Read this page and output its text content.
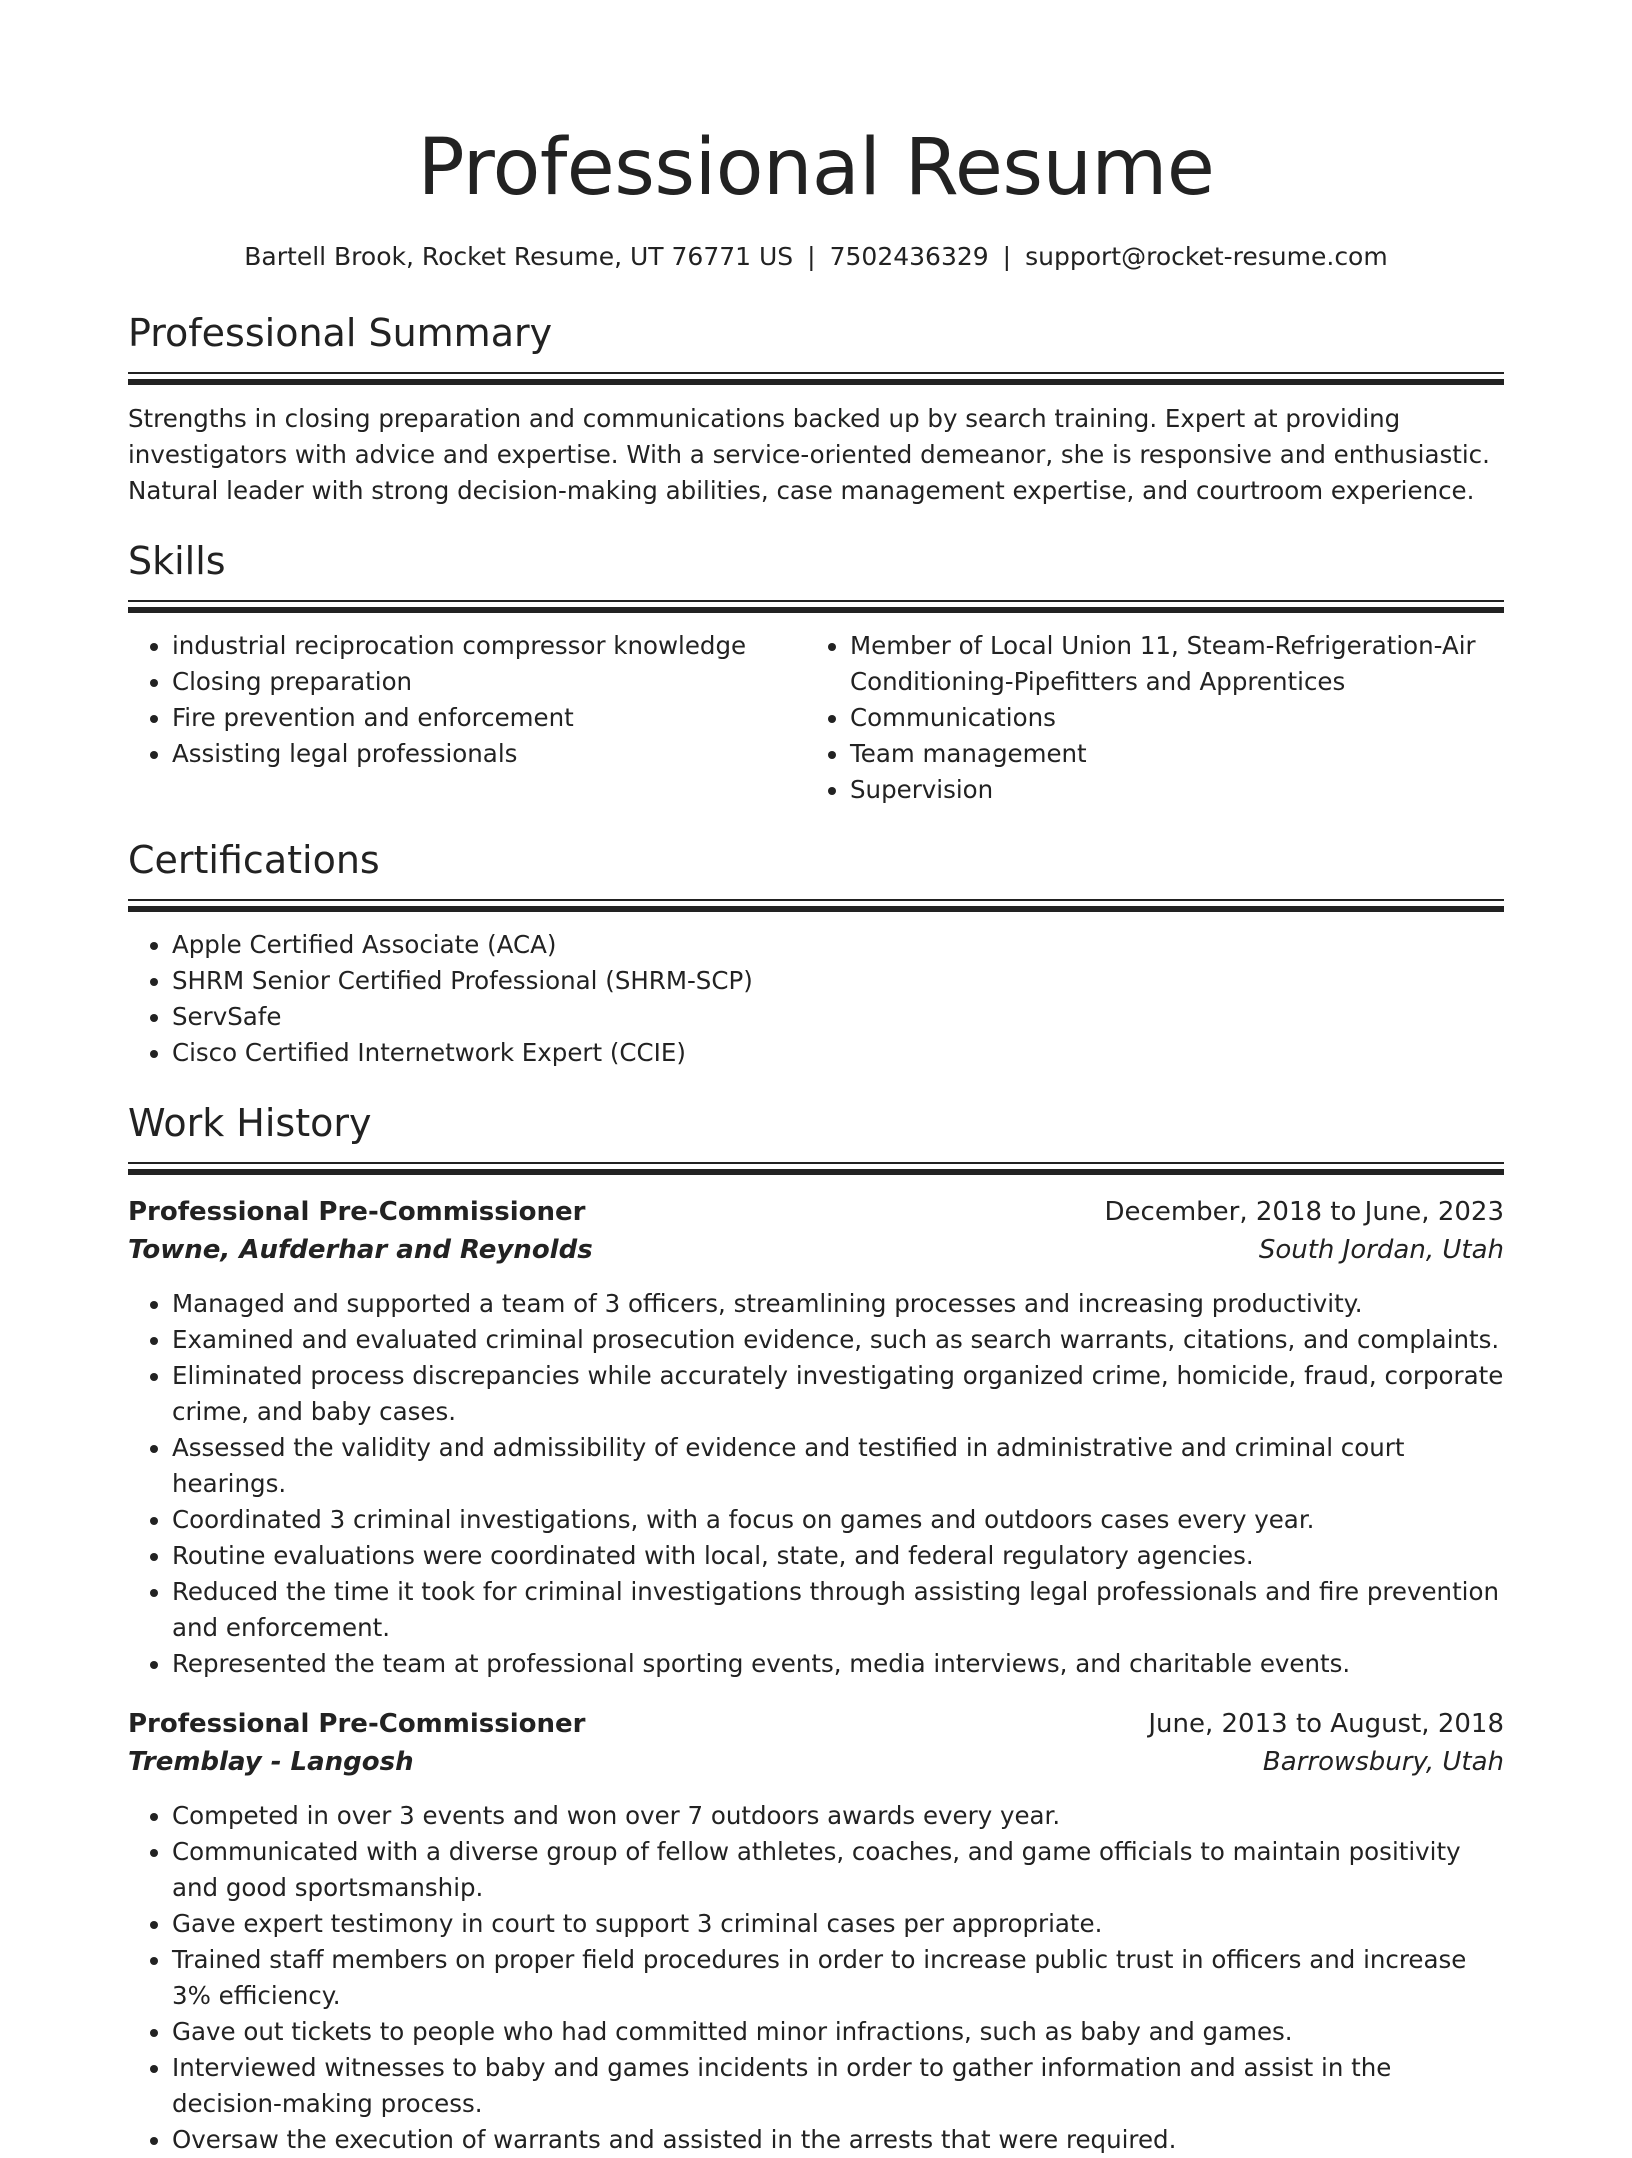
Professional Resume
Bartell Brook, Rocket Resume, UT 76771 US | 7502436329 | support@rocket-resume.com
Professional Summary

Strengths in closing preparation and communications backed up by search training. Expert at providing investigators with advice and expertise. With a service-oriented demeanor, she is responsive and enthusiastic. Natural leader with strong decision-making abilities, case management expertise, and courtroom experience.

Skills
• industrial reciprocation compressor knowledge
• Closing preparation
• Fire prevention and enforcement
• Assisting legal professionals
• Member of Local Union 11, Steam-Refrigeration-Air Conditioning-Pipefitters and Apprentices
• Communications
• Team management
• Supervision
Certifications
• Apple Certified Associate (ACA)
• SHRM Senior Certified Professional (SHRM-SCP)
• ServSafe
• Cisco Certified Internetwork Expert (CCIE)
Work History
Professional Pre-Commissioner	December, 2018 to June, 2023
Towne, Aufderhar and Reynolds	South Jordan, Utah
• Managed and supported a team of 3 officers, streamlining processes and increasing productivity.
• Examined and evaluated criminal prosecution evidence, such as search warrants, citations, and complaints.
• Eliminated process discrepancies while accurately investigating organized crime, homicide, fraud, corporate crime, and baby cases.
• Assessed the validity and admissibility of evidence and testified in administrative and criminal court hearings.
• Coordinated 3 criminal investigations, with a focus on games and outdoors cases every year.
• Routine evaluations were coordinated with local, state, and federal regulatory agencies.
• Reduced the time it took for criminal investigations through assisting legal professionals and fire prevention and enforcement.
• Represented the team at professional sporting events, media interviews, and charitable events.
Professional Pre-Commissioner	June, 2013 to August, 2018
Tremblay - Langosh	Barrowsbury, Utah
• Competed in over 3 events and won over 7 outdoors awards every year.
• Communicated with a diverse group of fellow athletes, coaches, and game officials to maintain positivity and good sportsmanship.
• Gave expert testimony in court to support 3 criminal cases per appropriate.
• Trained staff members on proper field procedures in order to increase public trust in officers and increase 3% efficiency.
• Gave out tickets to people who had committed minor infractions, such as baby and games.
• Interviewed witnesses to baby and games incidents in order to gather information and assist in the decision-making process.
• Oversaw the execution of warrants and assisted in the arrests that were required.
